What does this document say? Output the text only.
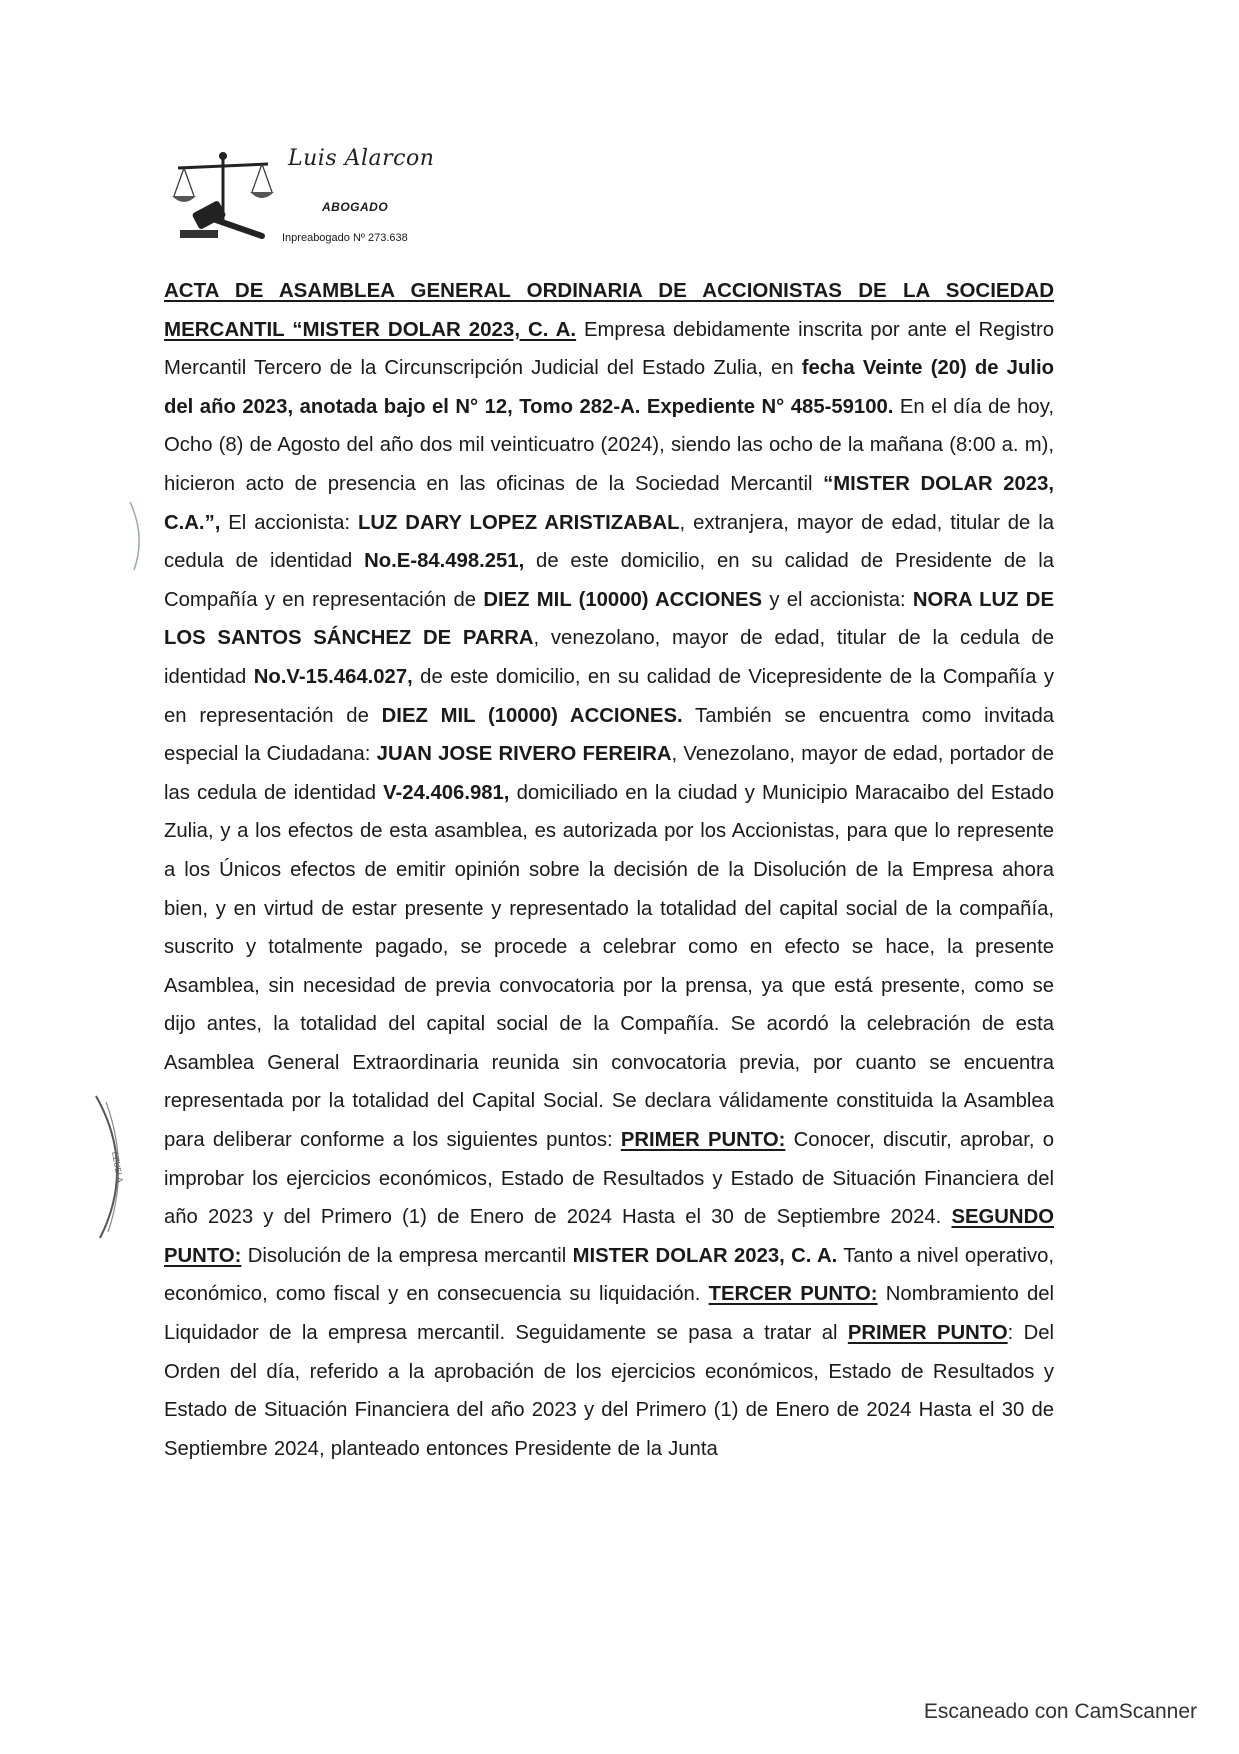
Luis Alarcon
ABOGADO
Inpreabogado Nº 273.638
EZUELA
ACTA DE ASAMBLEA GENERAL ORDINARIA DE ACCIONISTAS DE LA SOCIEDAD MERCANTIL “MISTER DOLAR 2023, C. A. Empresa debidamente inscrita por ante el Registro Mercantil Tercero de la Circunscripción Judicial del Estado Zulia, en fecha Veinte (20) de Julio del año 2023, anotada bajo el N° 12, Tomo 282-A. Expediente N° 485-59100. En el día de hoy, Ocho (8) de Agosto del año dos mil veinticuatro (2024), siendo las ocho de la mañana (8:00 a. m), hicieron acto de presencia en las oficinas de la Sociedad Mercantil “MISTER DOLAR 2023, C.A.”, El accionista: LUZ DARY LOPEZ ARISTIZABAL, extranjera, mayor de edad, titular de la cedula de identidad No.E-84.498.251, de este domicilio, en su calidad de Presidente de la Compañía y en representación de DIEZ MIL (10000) ACCIONES y el accionista: NORA LUZ DE LOS SANTOS SÁNCHEZ DE PARRA, venezolano, mayor de edad, titular de la cedula de identidad No.V-15.464.027, de este domicilio, en su calidad de Vicepresidente de la Compañía y en representación de DIEZ MIL (10000) ACCIONES. También se encuentra como invitada especial la Ciudadana: JUAN JOSE RIVERO FEREIRA, Venezolano, mayor de edad, portador de las cedula de identidad V-24.406.981, domiciliado en la ciudad y Municipio Maracaibo del Estado Zulia, y a los efectos de esta asamblea, es autorizada por los Accionistas, para que lo represente a los Únicos efectos de emitir opinión sobre la decisión de la Disolución de la Empresa ahora bien, y en virtud de estar presente y representado la totalidad del capital social de la compañía, suscrito y totalmente pagado, se procede a celebrar como en efecto se hace, la presente Asamblea, sin necesidad de previa convocatoria por la prensa, ya que está presente, como se dijo antes, la totalidad del capital social de la Compañía. Se acordó la celebración de esta Asamblea General Extraordinaria reunida sin convocatoria previa, por cuanto se encuentra representada por la totalidad del Capital Social. Se declara válidamente constituida la Asamblea para deliberar conforme a los siguientes puntos: PRIMER PUNTO: Conocer, discutir, aprobar, o improbar los ejercicios económicos, Estado de Resultados y Estado de Situación Financiera del año 2023 y del Primero (1) de Enero de 2024 Hasta el 30 de Septiembre 2024. SEGUNDO PUNTO: Disolución de la empresa mercantil MISTER DOLAR 2023, C. A. Tanto a nivel operativo, económico, como fiscal y en consecuencia su liquidación. TERCER PUNTO: Nombramiento del Liquidador de la empresa mercantil. Seguidamente se pasa a tratar al PRIMER PUNTO: Del Orden del día, referido a la aprobación de los ejercicios económicos, Estado de Resultados y Estado de Situación Financiera del año 2023 y del Primero (1) de Enero de 2024 Hasta el 30 de Septiembre 2024, planteado entonces Presidente de la Junta
Escaneado con CamScanner
